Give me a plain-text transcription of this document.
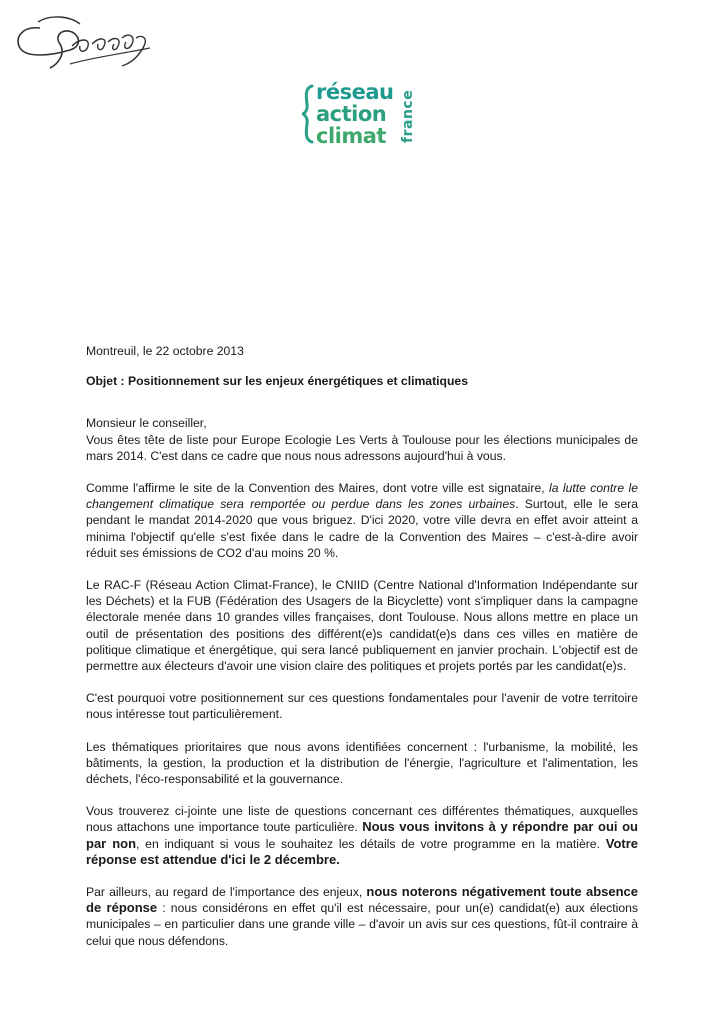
réseau
action
climat france

Montreuil, le 22 octobre 2013

Objet : Positionnement sur les enjeux énergétiques et climatiques

Monsieur le conseiller,

Vous êtes tête de liste pour Europe Ecologie Les Verts à Toulouse pour les élections municipales de mars 2014. C'est dans ce cadre que nous nous adressons aujourd'hui à vous.

Comme l'affirme le site de la Convention des Maires, dont votre ville est signataire, la lutte contre le changement climatique sera remportée ou perdue dans les zones urbaines. Surtout, elle le sera pendant le mandat 2014-2020 que vous briguez. D'ici 2020, votre ville devra en effet avoir atteint a minima l'objectif qu'elle s'est fixée dans le cadre de la Convention des Maires – c'est-à-dire avoir réduit ses émissions de CO2 d'au moins 20 %.

Le RAC-F (Réseau Action Climat-France), le CNIID (Centre National d'Information Indépendante sur les Déchets) et la FUB (Fédération des Usagers de la Bicyclette) vont s'impliquer dans la campagne électorale menée dans 10 grandes villes françaises, dont Toulouse. Nous allons mettre en place un outil de présentation des positions des différent(e)s candidat(e)s dans ces villes en matière de politique climatique et énergétique, qui sera lancé publiquement en janvier prochain. L'objectif est de permettre aux électeurs d'avoir une vision claire des politiques et projets portés par les candidat(e)s.

C'est pourquoi votre positionnement sur ces questions fondamentales pour l'avenir de votre territoire nous intéresse tout particulièrement.

Les thématiques prioritaires que nous avons identifiées concernent : l'urbanisme, la mobilité, les bâtiments, la gestion, la production et la distribution de l'énergie, l'agriculture et l'alimentation, les déchets, l'éco-responsabilité et la gouvernance.

Vous trouverez ci-jointe une liste de questions concernant ces différentes thématiques, auxquelles nous attachons une importance toute particulière. Nous vous invitons à y répondre par oui ou par non, en indiquant si vous le souhaitez les détails de votre programme en la matière. Votre réponse est attendue d'ici le 2 décembre.

Par ailleurs, au regard de l'importance des enjeux, nous noterons négativement toute absence de réponse : nous considérons en effet qu'il est nécessaire, pour un(e) candidat(e) aux élections municipales – en particulier dans une grande ville – d'avoir un avis sur ces questions, fût-il contraire à celui que nous défendons.
